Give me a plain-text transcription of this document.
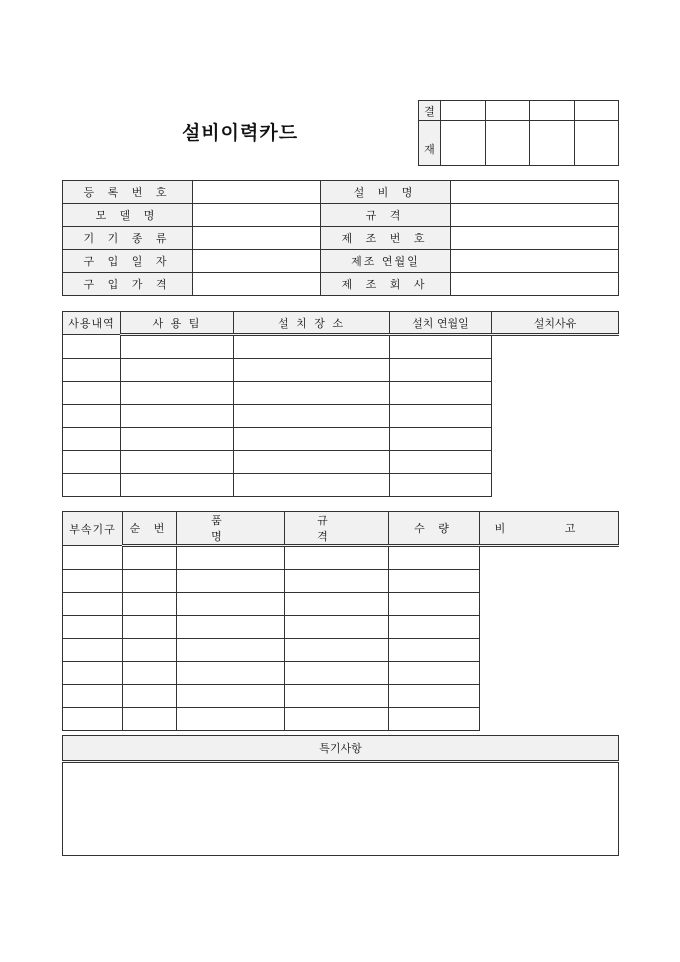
설비이력카드
결				
재				
등 록 번 호		설 비 명	
모 델 명		규 격	
기 기 종 류		제 조 번 호	
구 입 일 자		제조 연월일	
구 입 가 격		제 조 회 사	
사용내역	사 용 팀	설 치 장 소	설치 연월일	설치사유

부속기구	순 번	품 명	규 격	수 량	비 고

특기사항
